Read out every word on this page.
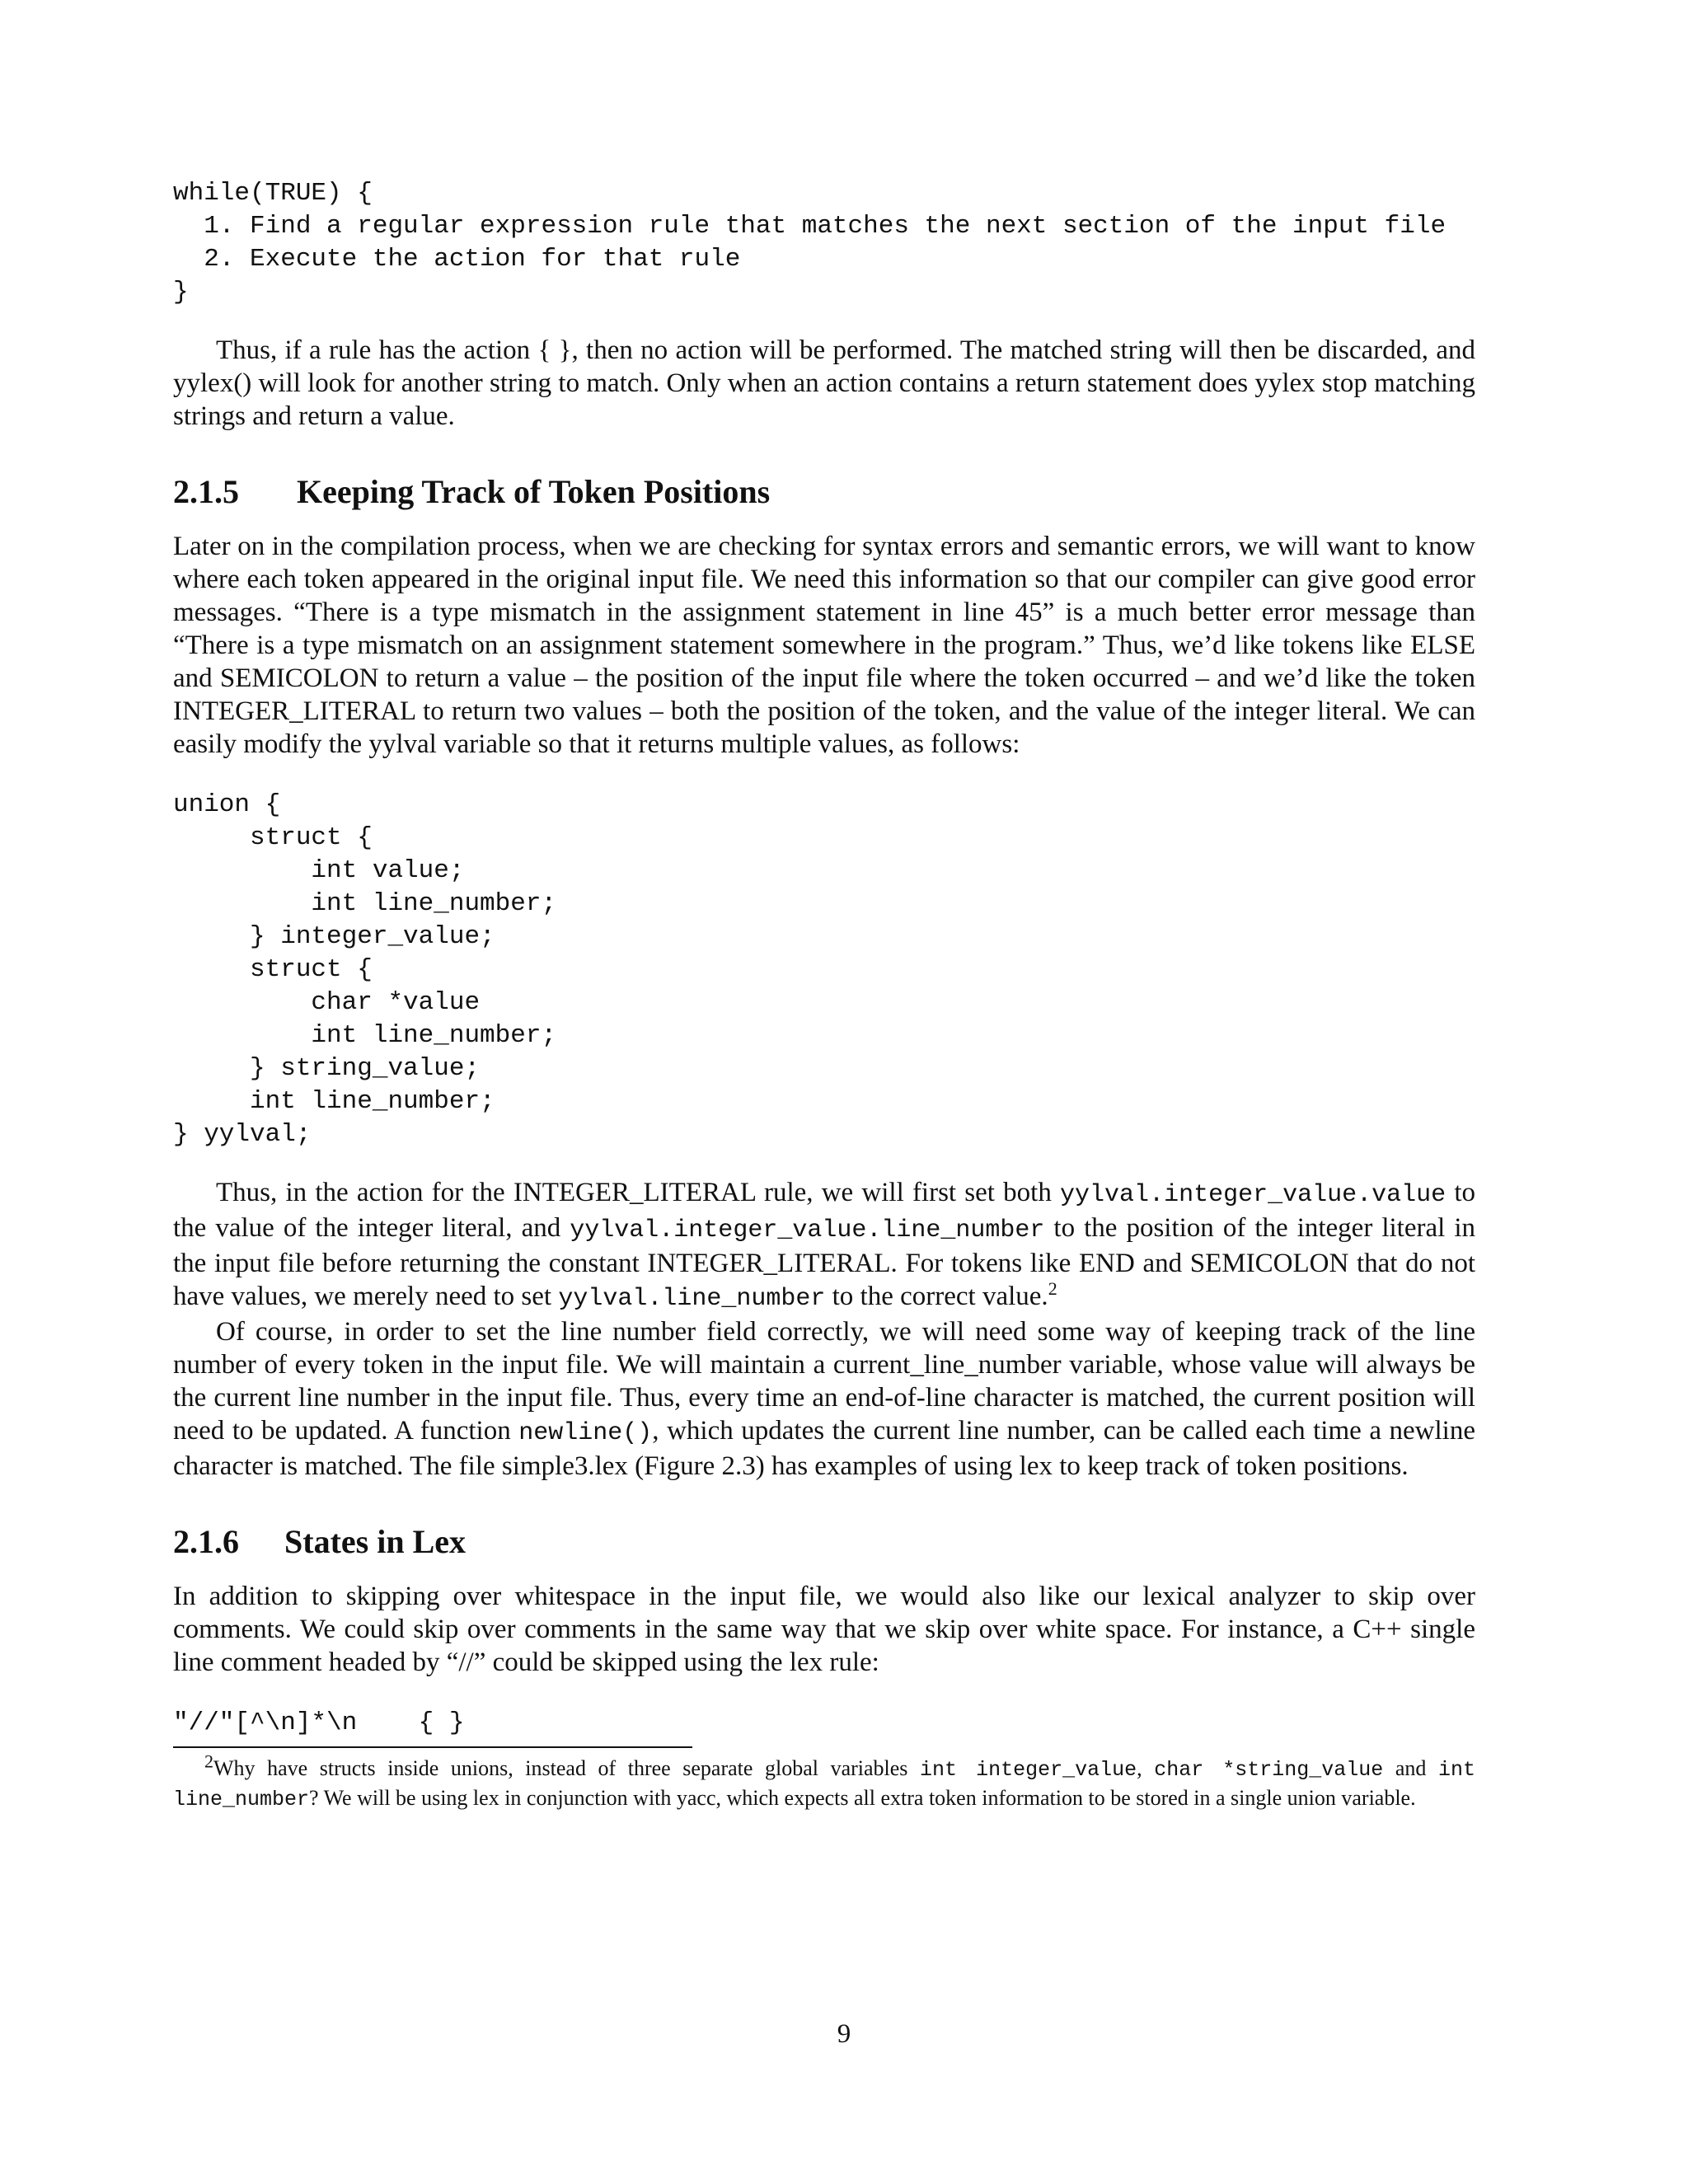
while(TRUE) {
1. Find a regular expression rule that matches the next section of the input file
2. Execute the action for that rule
}

Thus, if a rule has the action { }, then no action will be performed. The matched string will then be discarded, and yylex() will look for another string to match. Only when an action contains a return statement does yylex stop matching strings and return a value.

2.1.5 Keeping Track of Token Positions

Later on in the compilation process, when we are checking for syntax errors and semantic errors, we will want to know where each token appeared in the original input file. We need this information so that our compiler can give good error messages. “There is a type mismatch in the assignment statement in line 45” is a much better error message than “There is a type mismatch on an assignment statement somewhere in the program.” Thus, we’d like tokens like ELSE and SEMICOLON to return a value – the position of the input file where the token occurred – and we’d like the token INTEGER_LITERAL to return two values – both the position of the token, and the value of the integer literal. We can easily modify the yylval variable so that it returns multiple values, as follows:

union {
struct {
int value;
int line_number;
} integer_value;
struct {
char *value
int line_number;
} string_value;
int line_number;
} yylval;

Thus, in the action for the INTEGER_LITERAL rule, we will first set both yylval.integer_value.value to the value of the integer literal, and yylval.integer_value.line_number to the position of the integer literal in the input file before returning the constant INTEGER_LITERAL. For tokens like END and SEMICOLON that do not have values, we merely need to set yylval.line_number to the correct value.$^2$

Of course, in order to set the line number field correctly, we will need some way of keeping track of the line number of every token in the input file. We will maintain a current_line_number variable, whose value will always be the current line number in the input file. Thus, every time an end-of-line character is matched, the current position will need to be updated. A function newline(), which updates the current line number, can be called each time a newline character is matched. The file simple3.lex (Figure 2.3) has examples of using lex to keep track of token positions.

2.1.6 States in Lex

In addition to skipping over whitespace in the input file, we would also like our lexical analyzer to skip over comments. We could skip over comments in the same way that we skip over white space. For instance, a C++ single line comment headed by “//” could be skipped using the lex rule:

"//"[^\n]*\n    { }

$^2$Why have structs inside unions, instead of three separate global variables int integer_value, char *string_value and int line_number? We will be using lex in conjunction with yacc, which expects all extra token information to be stored in a single union variable.

9
